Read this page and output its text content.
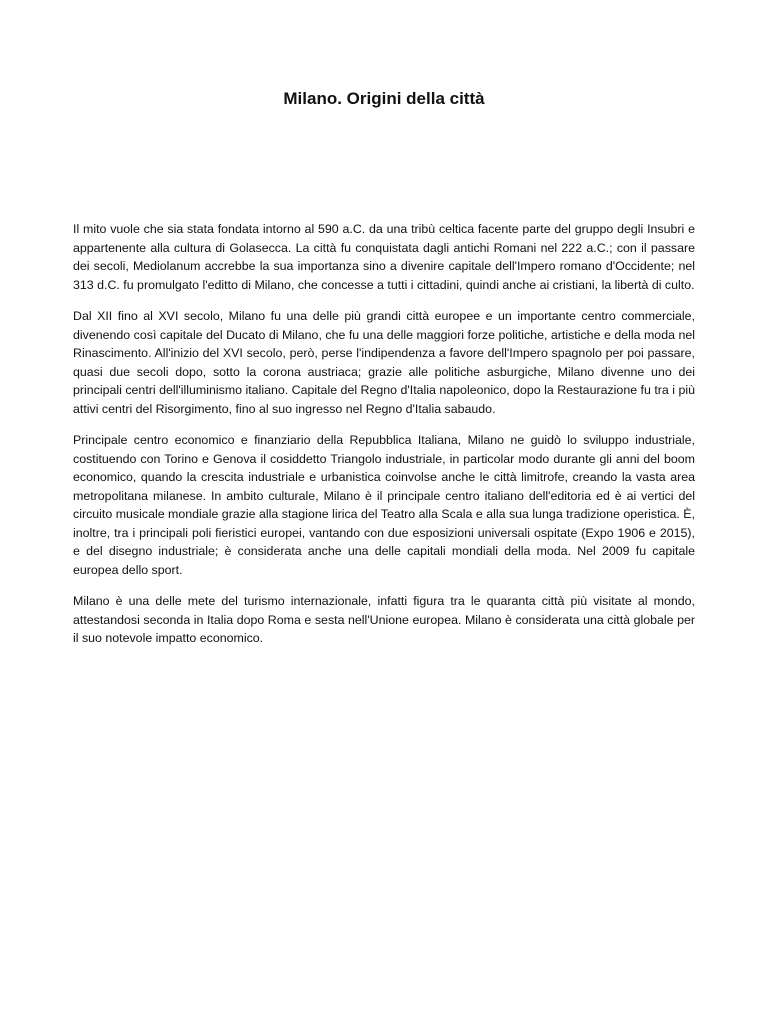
Milano. Origini della città

Il mito vuole che sia stata fondata intorno al 590 a.C. da una tribù celtica facente parte del gruppo degli Insubri e appartenente alla cultura di Golasecca. La città fu conquistata dagli antichi Romani nel 222 a.C.; con il passare dei secoli, Mediolanum accrebbe la sua importanza sino a divenire capitale dell'Impero romano d'Occidente; nel 313 d.C. fu promulgato l'editto di Milano, che concesse a tutti i cittadini, quindi anche ai cristiani, la libertà di culto.

Dal XII fino al XVI secolo, Milano fu una delle più grandi città europee e un importante centro commerciale, divenendo così capitale del Ducato di Milano, che fu una delle maggiori forze politiche, artistiche e della moda nel Rinascimento. All'inizio del XVI secolo, però, perse l'indipendenza a favore dell'Impero spagnolo per poi passare, quasi due secoli dopo, sotto la corona austriaca; grazie alle politiche asburgiche, Milano divenne uno dei principali centri dell'illuminismo italiano. Capitale del Regno d'Italia napoleonico, dopo la Restaurazione fu tra i più attivi centri del Risorgimento, fino al suo ingresso nel Regno d'Italia sabaudo.

Principale centro economico e finanziario della Repubblica Italiana, Milano ne guidò lo sviluppo industriale, costituendo con Torino e Genova il cosiddetto Triangolo industriale, in particolar modo durante gli anni del boom economico, quando la crescita industriale e urbanistica coinvolse anche le città limitrofe, creando la vasta area metropolitana milanese. In ambito culturale, Milano è il principale centro italiano dell'editoria ed è ai vertici del circuito musicale mondiale grazie alla stagione lirica del Teatro alla Scala e alla sua lunga tradizione operistica. È, inoltre, tra i principali poli fieristici europei, vantando con due esposizioni universali ospitate (Expo 1906 e 2015), e del disegno industriale; è considerata anche una delle capitali mondiali della moda. Nel 2009 fu capitale europea dello sport.

Milano è una delle mete del turismo internazionale, infatti figura tra le quaranta città più visitate al mondo, attestandosi seconda in Italia dopo Roma e sesta nell'Unione europea. Milano è considerata una città globale per il suo notevole impatto economico.
